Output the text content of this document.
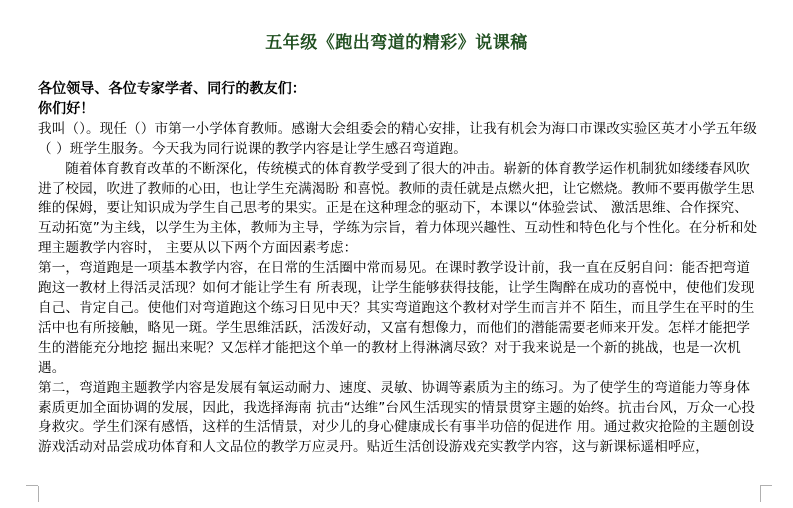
五年级《跑出弯道的精彩》说课稿

各位领导、各位专家学者、同行的教友们：

你们好！

我叫（）。现任（）市第一小学体育教师。感谢大会组委会的精心安排，让我有机会为海口市课改实验区英才小学五年级（ ）班学生服务。今天我为同行说课的教学内容是让学生感召弯道跑。

随着体育教育改革的不断深化，传统模式的体育教学受到了很大的冲击。崭新的体育教学运作机制犹如缕缕春风吹进了校园，吹进了教师的心田，也让学生充满渴盼 和喜悦。教师的责任就是点燃火把，让它燃烧。教师不要再傲学生思维的保姆，要让知识成为学生自己思考的果实。正是在这种理念的驱动下，本课以“体验尝试、 激活思维、合作探究、互动拓宽”为主线，以学生为主体，教师为主导，学练为宗旨，着力体现兴趣性、互动性和特色化与个性化。在分析和处理主题教学内容时， 主要从以下两个方面因素考虑：

第一，弯道跑是一项基本教学内容，在日常的生活圈中常而易见。在课时教学设计前，我一直在反躬自问：能否把弯道跑这一教材上得活灵活现？如何才能让学生有 所表现，让学生能够获得技能，让学生陶醉在成功的喜悦中，使他们发现自己、肯定自己。使他们对弯道跑这个练习日见中天？其实弯道跑这个教材对学生而言并不 陌生，而且学生在平时的生活中也有所接触，略见一斑。学生思维活跃，活泼好动，又富有想像力，而他们的潜能需要老师来开发。怎样才能把学生的潜能充分地挖 掘出来呢？又怎样才能把这个单一的教材上得淋漓尽致？对于我来说是一个新的挑战，也是一次机遇。

第二，弯道跑主题教学内容是发展有氧运动耐力、速度、灵敏、协调等素质为主的练习。为了使学生的弯道能力等身体素质更加全面协调的发展，因此，我选择海南 抗击“达维”台风生活现实的情景贯穿主题的始终。抗击台风，万众一心投身救灾。学生们深有感悟，这样的生活情景，对少儿的身心健康成长有事半功倍的促进作 用。通过救灾抢险的主题创设游戏活动对品尝成功体育和人文品位的教学万应灵丹。贴近生活创设游戏充实教学内容，这与新课标遥相呼应，
